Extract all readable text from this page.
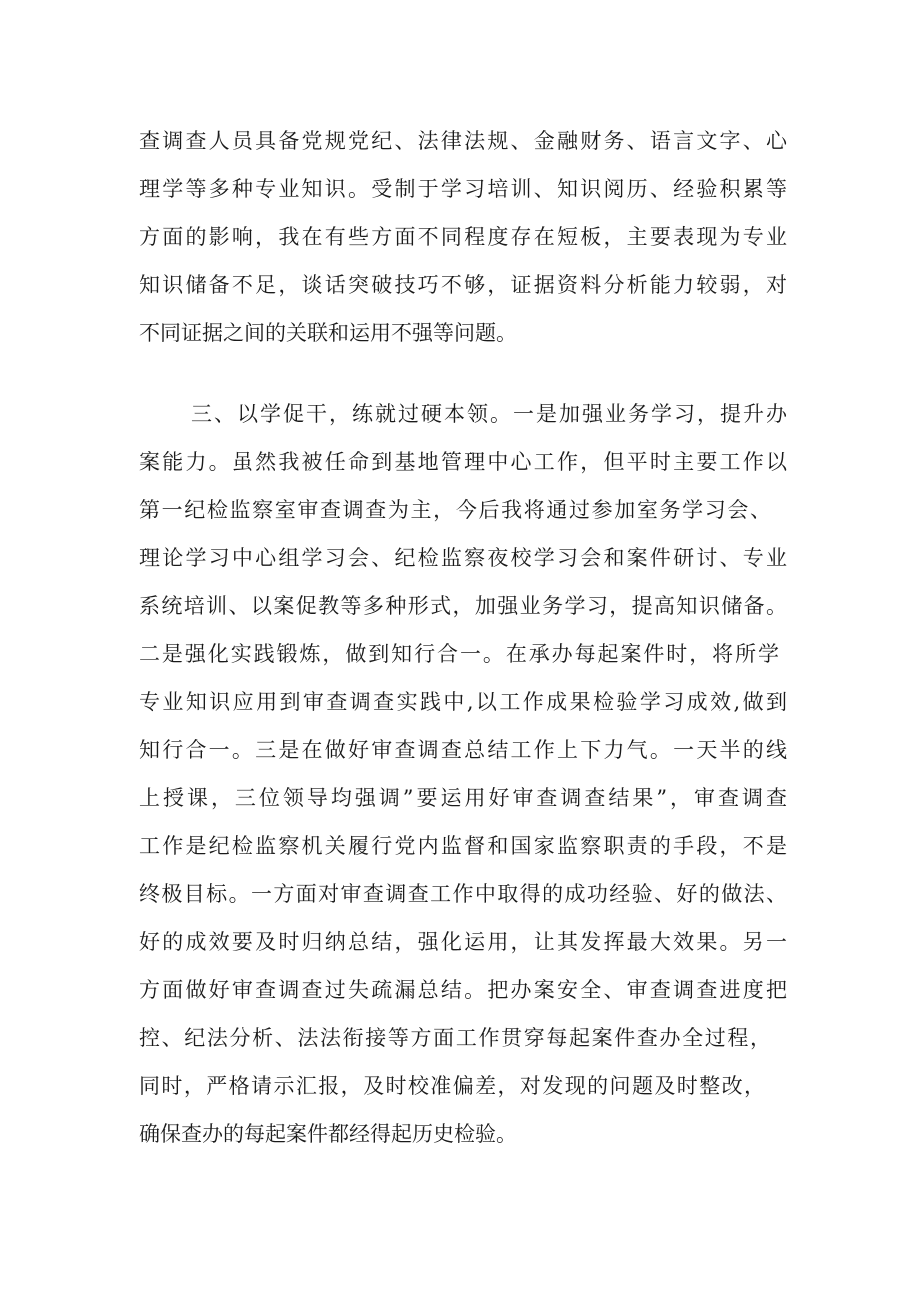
查调查人员具备党规党纪、法律法规、金融财务、语言文字、心
理学等多种专业知识。受制于学习培训、知识阅历、经验积累等
方面的影响，我在有些方面不同程度存在短板，主要表现为专业
知识储备不足，谈话突破技巧不够，证据资料分析能力较弱，对
不同证据之间的关联和运用不强等问题。
三、以学促干，练就过硬本领。一是加强业务学习，提升办
案能力。虽然我被任命到基地管理中心工作，但平时主要工作以
第一纪检监察室审查调查为主，今后我将通过参加室务学习会、
理论学习中心组学习会、纪检监察夜校学习会和案件研讨、专业
系统培训、以案促教等多种形式，加强业务学习，提高知识储备。
二是强化实践锻炼，做到知行合一。在承办每起案件时，将所学
专业知识应用到审查调查实践中,以工作成果检验学习成效,做到
知行合一。三是在做好审查调查总结工作上下力气。一天半的线
上授课，三位领导均强调”要运用好审查调查结果”，审查调查
工作是纪检监察机关履行党内监督和国家监察职责的手段，不是
终极目标。一方面对审查调查工作中取得的成功经验、好的做法、
好的成效要及时归纳总结，强化运用，让其发挥最大效果。另一
方面做好审查调查过失疏漏总结。把办案安全、审查调查进度把
控、纪法分析、法法衔接等方面工作贯穿每起案件查办全过程，
同时，严格请示汇报，及时校准偏差，对发现的问题及时整改，
确保查办的每起案件都经得起历史检验。
